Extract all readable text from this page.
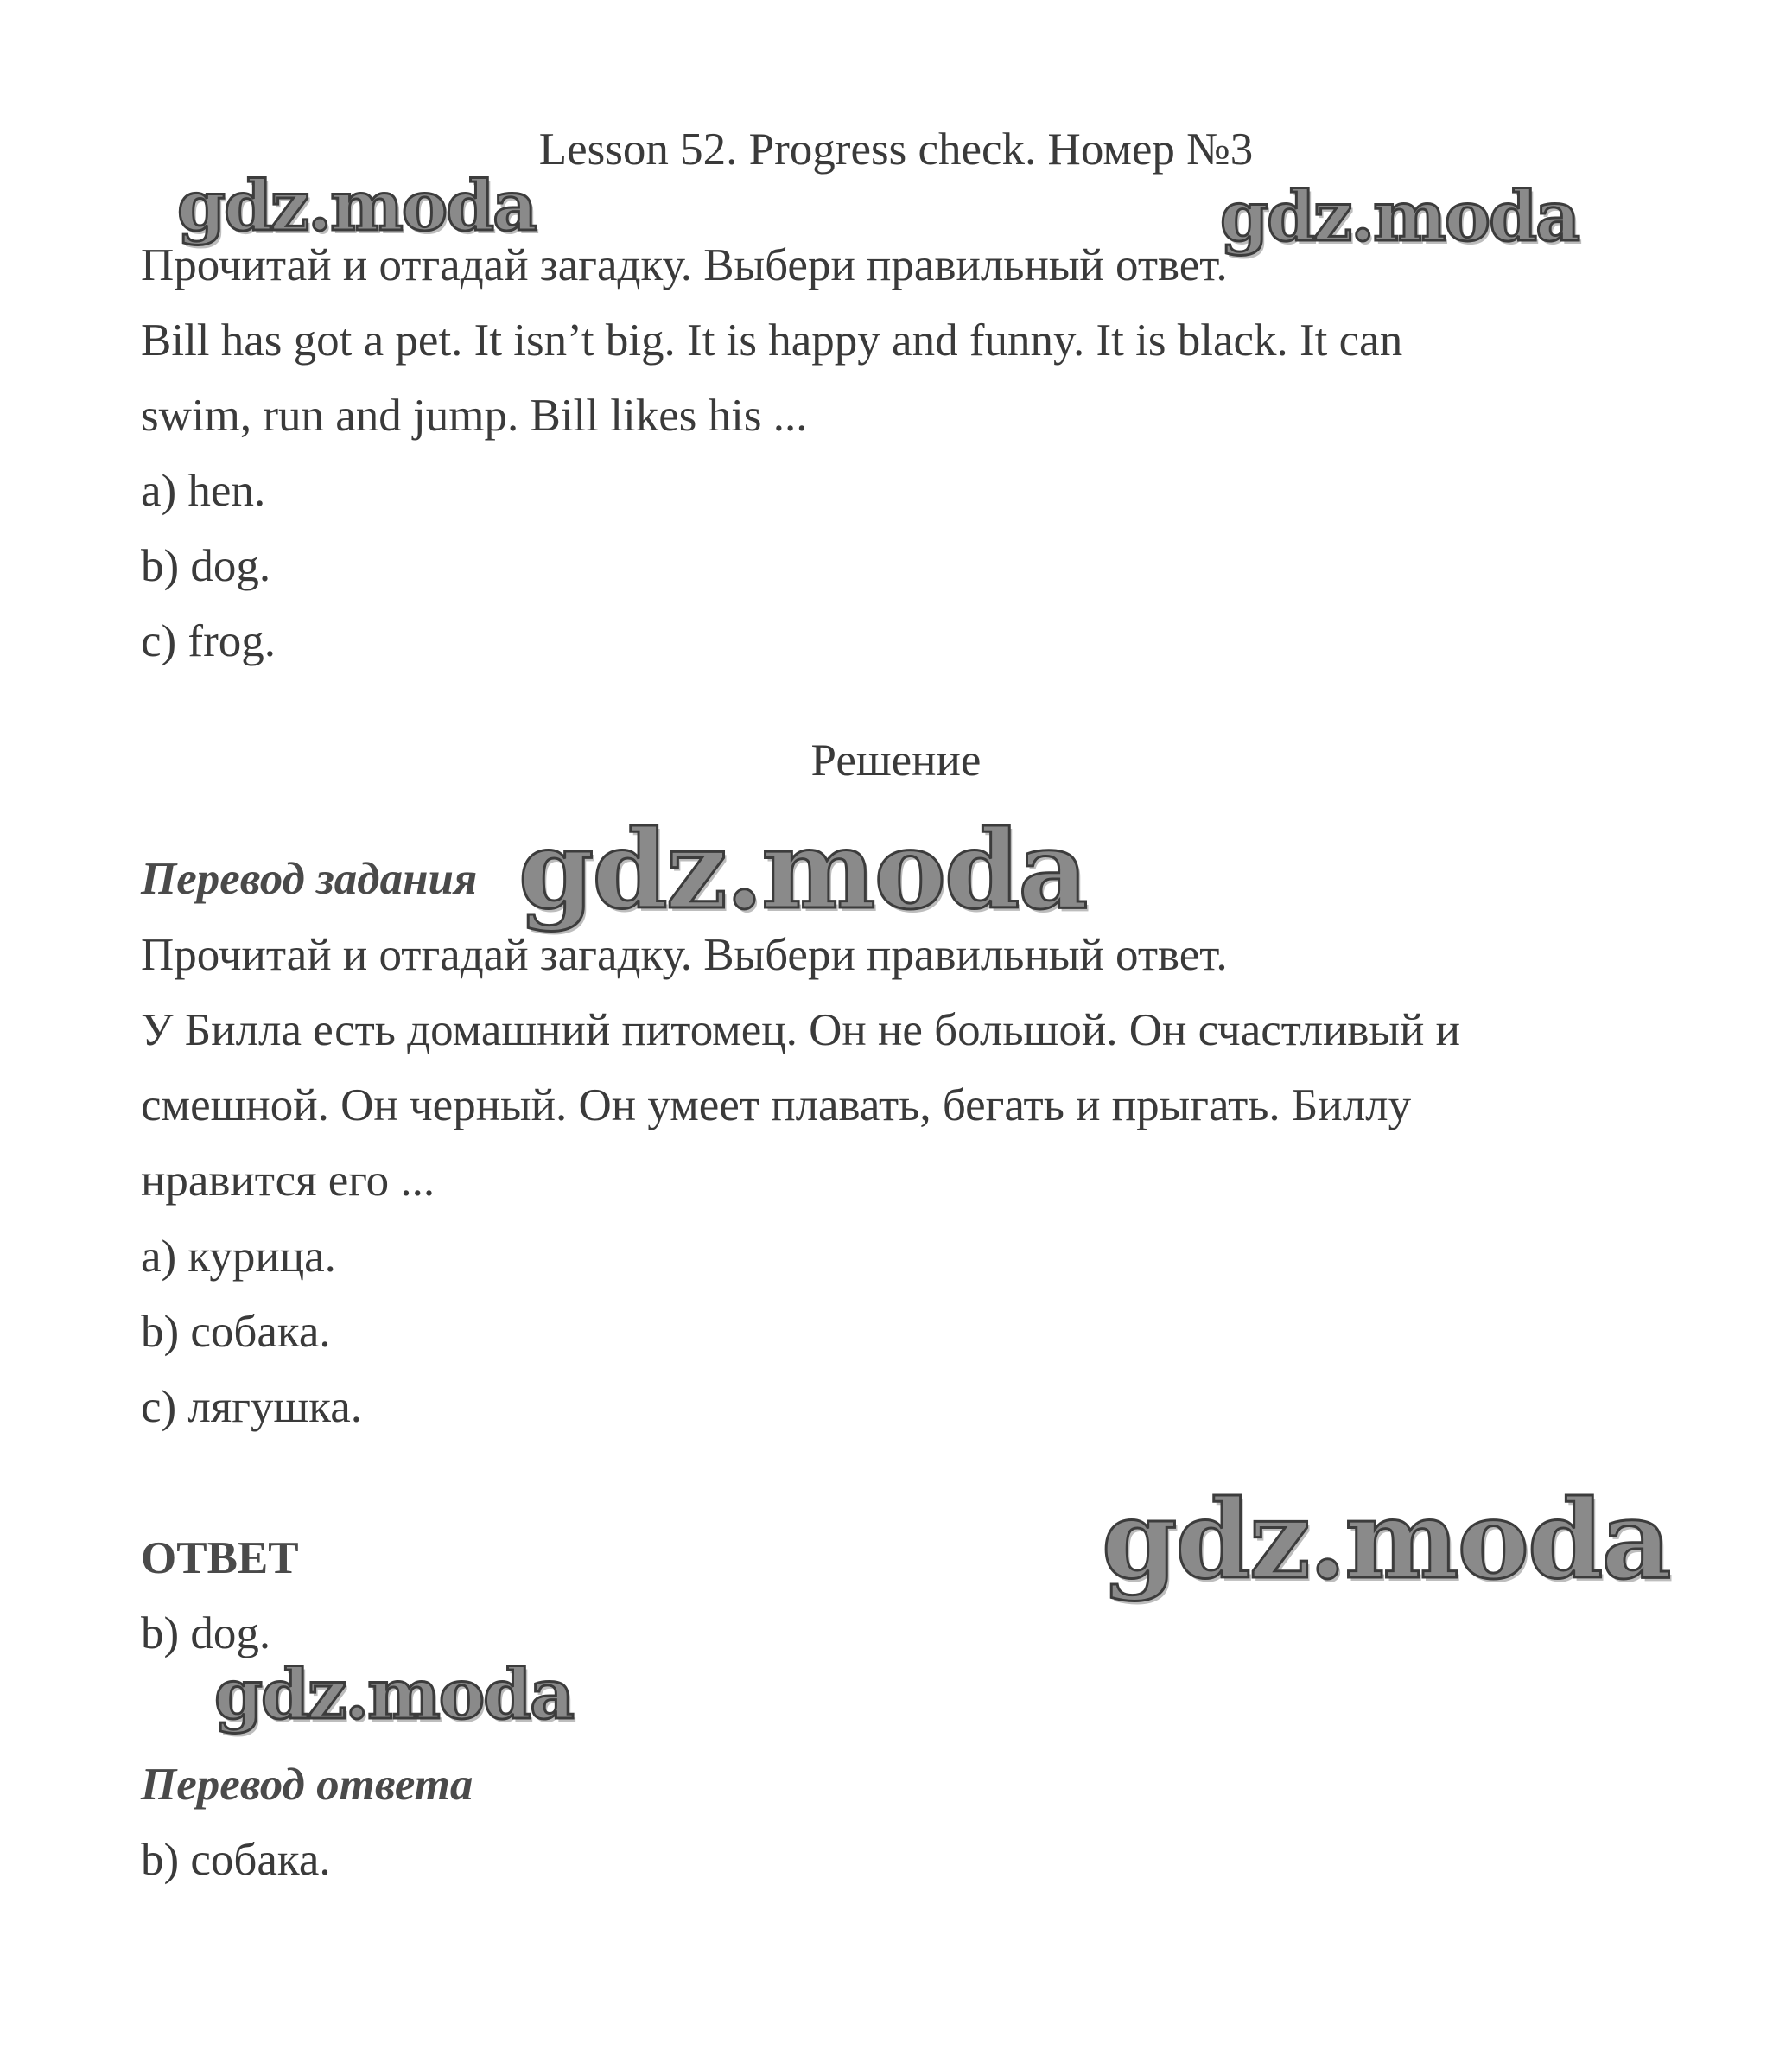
Lesson 52. Progress check. Номер №3
Прочитай и отгадай загадку. Выбери правильный ответ.
Bill has got a pet. It isn’t big. It is happy and funny. It is black. It can
swim, run and jump. Bill likes his ...
a) hen.
b) dog.
c) frog.
Решение
Перевод задания
Прочитай и отгадай загадку. Выбери правильный ответ.
У Билла есть домашний питомец. Он не большой. Он счастливый и
смешной. Он черный. Он умеет плавать, бегать и прыгать. Биллу
нравится его ...
a) курица.
b) собака.
c) лягушка.
ОТВЕТ
b) dog.
Перевод ответа
b) собака.
gdz.moda	gdz.moda
gdz.moda
gdz.moda
gdz.moda
